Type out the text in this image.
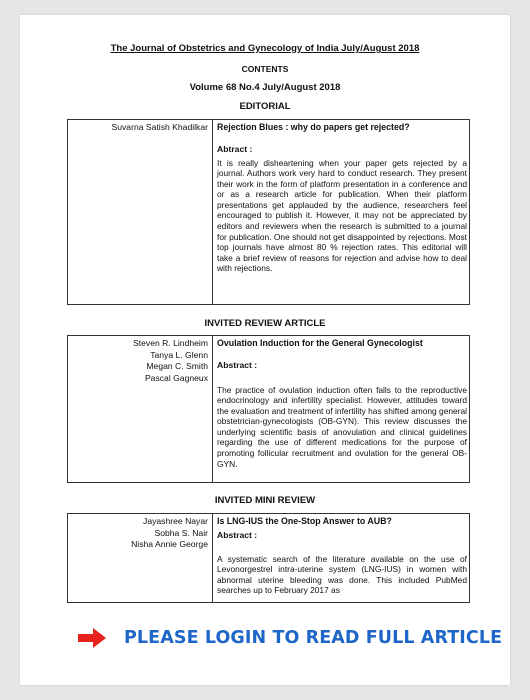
The Journal of Obstetrics and Gynecology of India July/August 2018
CONTENTS
Volume 68 No.4 July/August 2018
EDITORIAL
Suvarna Satish Khadilkar Rejection Blues : why do papers get rejected?
Abtract :
It is really disheartening when your paper gets rejected by a journal. Authors work very hard to conduct research. They present their work in the form of platform presentation in a conference and or as a research article for publication. When their platform presentations get applauded by the audience, researchers feel encouraged to publish it. However, it may not be appreciated by editors and reviewers when the research is submitted to a journal for publication. One should not get disappointed by rejections. Most top journals have almost 80 % rejection rates. This editorial will take a brief review of reasons for rejection and advise how to deal with rejections.
INVITED REVIEW ARTICLE
Steven R. Lindheim
Tanya L. Glenn
Megan C. Smith
Pascal Gagneux
Ovulation Induction for the General Gynecologist
Abstract :
The practice of ovulation induction often falls to the reproductive endocrinology and infertility specialist. However, attitudes toward the evaluation and treatment of infertility has shifted among general obstetrician-gynecologists (OB-GYN). This review discusses the underlying scientific basis of anovulation and clinical guidelines regarding the use of different medications for the purpose of promoting follicular recruitment and ovulation for the general OB-GYN.
INVITED MINI REVIEW
Jayashree Nayar
Sobha S. Nair
Nisha Annie George
Is LNG-IUS the One-Stop Answer to AUB?
Abstract :
A systematic search of the literature available on the use of Levonorgestrel intra-uterine system (LNG-IUS) in women with abnormal uterine bleeding was done. This included PubMed searches up to February 2017 as
PLEASE LOGIN TO READ FULL ARTICLE
